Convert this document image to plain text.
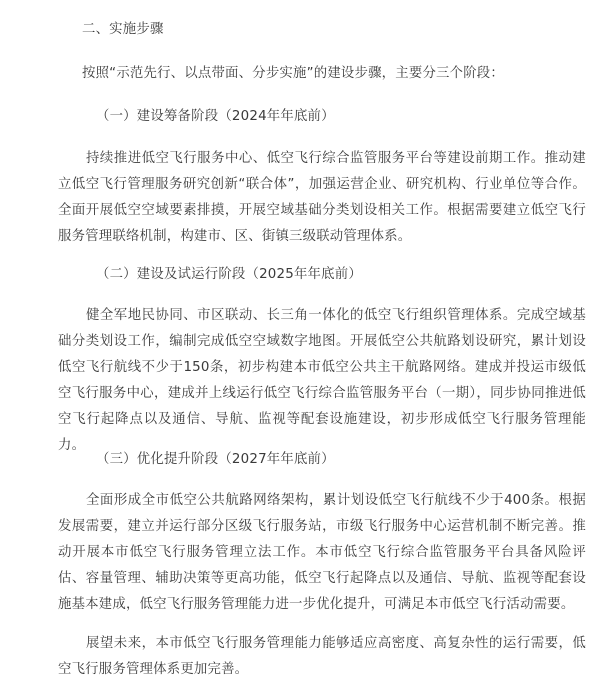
二、实施步骤
按照“示范先行、以点带面、分步实施”的建设步骤，主要分三个阶段：
（一）建设筹备阶段（2024年年底前）
持续推进低空飞行服务中心、低空飞行综合监管服务平台等建设前期工作。推动建立低空飞行管理服务研究创新“联合体”，加强运营企业、研究机构、行业单位等合作。全面开展低空空域要素排摸，开展空域基础分类划设相关工作。根据需要建立低空飞行服务管理联络机制，构建市、区、街镇三级联动管理体系。
（二）建设及试运行阶段（2025年年底前）
健全军地民协同、市区联动、长三角一体化的低空飞行组织管理体系。完成空域基础分类划设工作，编制完成低空空域数字地图。开展低空公共航路划设研究，累计划设低空飞行航线不少于150条，初步构建本市低空公共主干航路网络。建成并投运市级低空飞行服务中心，建成并上线运行低空飞行综合监管服务平台（一期），同步协同推进低空飞行起降点以及通信、导航、监视等配套设施建设，初步形成低空飞行服务管理能力。
（三）优化提升阶段（2027年年底前）
全面形成全市低空公共航路网络架构，累计划设低空飞行航线不少于400条。根据发展需要，建立并运行部分区级飞行服务站，市级飞行服务中心运营机制不断完善。推动开展本市低空飞行服务管理立法工作。本市低空飞行综合监管服务平台具备风险评估、容量管理、辅助决策等更高功能，低空飞行起降点以及通信、导航、监视等配套设施基本建成，低空飞行服务管理能力进一步优化提升，可满足本市低空飞行活动需要。
展望未来，本市低空飞行服务管理能力能够适应高密度、高复杂性的运行需要，低空飞行服务管理体系更加完善。
